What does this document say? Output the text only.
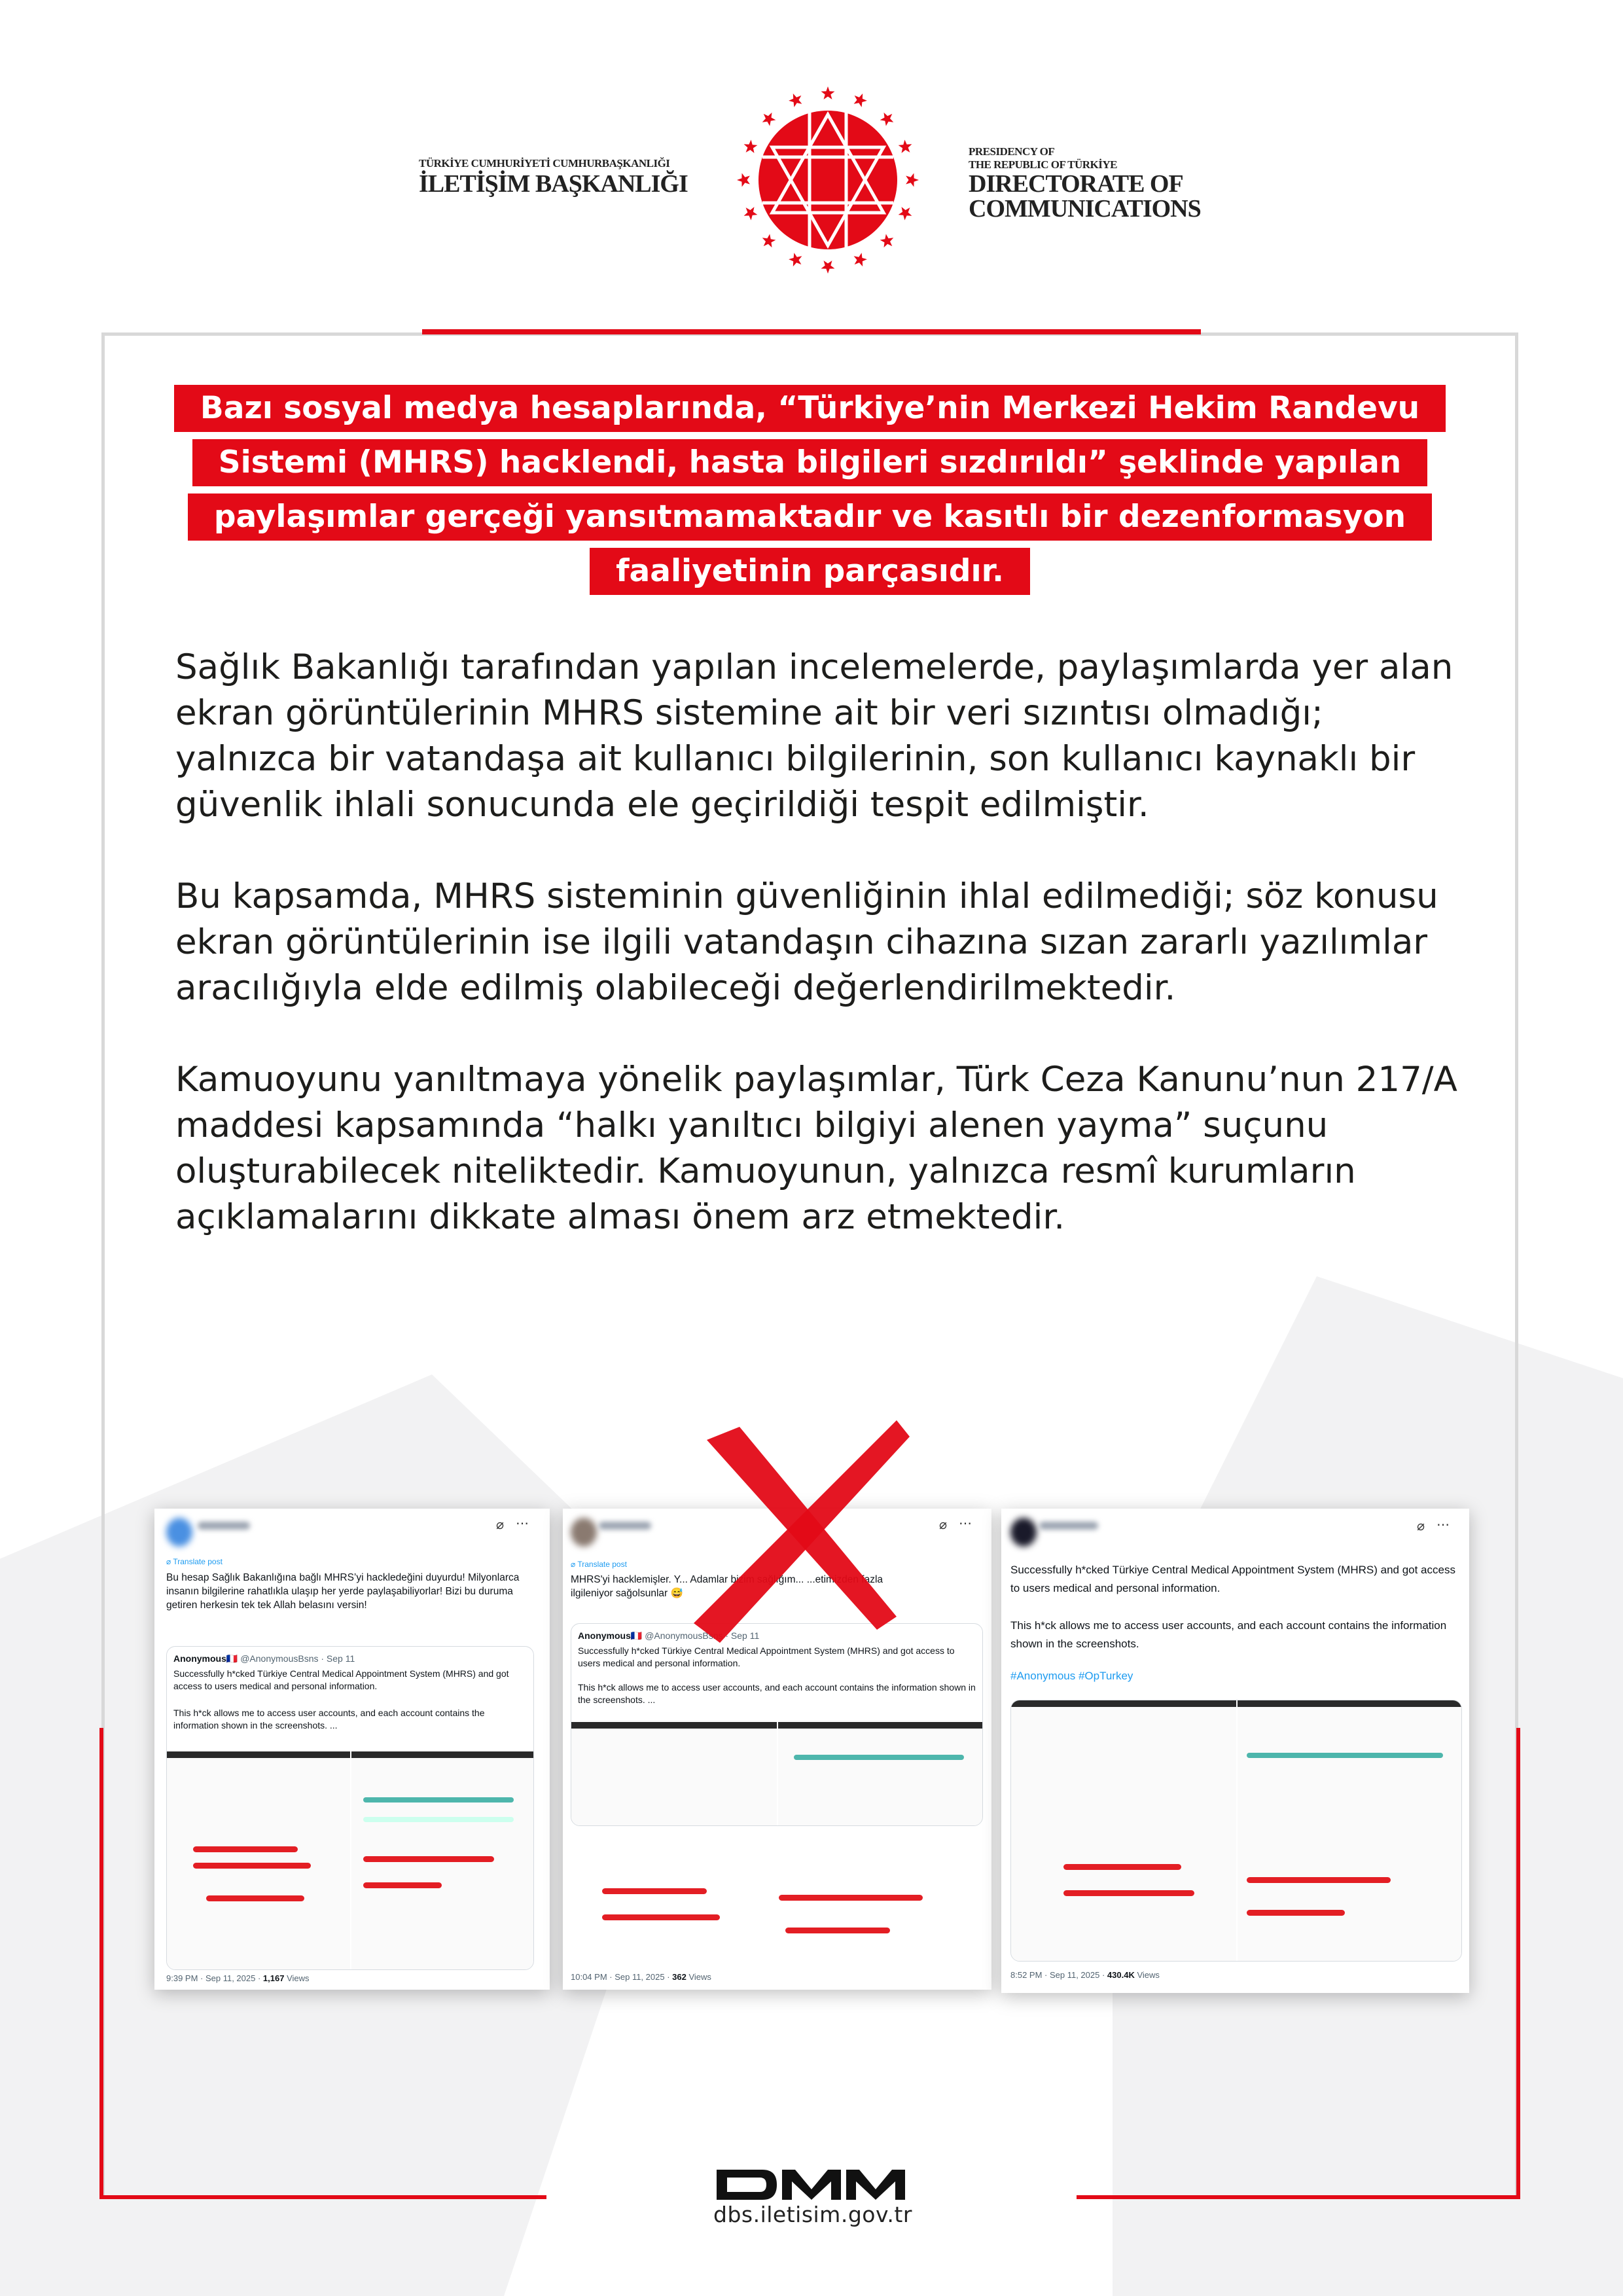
TÜRKİYE CUMHURİYETİ CUMHURBAŞKANLIĞI
İLETİŞİM BAŞKANLIĞI
PRESIDENCY OF
THE REPUBLIC OF TÜRKİYE
DIRECTORATE OF
COMMUNICATIONS
Bazı sosyal medya hesaplarında, “Türkiye’nin Merkezi Hekim Randevu
Sistemi (MHRS) hacklendi, hasta bilgileri sızdırıldı” şeklinde yapılan
paylaşımlar gerçeği yansıtmamaktadır ve kasıtlı bir dezenformasyon
faaliyetinin parçasıdır.

Sağlık Bakanlığı tarafından yapılan incelemelerde, paylaşımlarda yer alan ekran görüntülerinin MHRS sistemine ait bir veri sızıntısı olmadığı; yalnızca bir vatandaşa ait kullanıcı bilgilerinin, son kullanıcı kaynaklı bir güvenlik ihlali sonucunda ele geçirildiği tespit edilmiştir.

Bu kapsamda, MHRS sisteminin güvenliğinin ihlal edilmediği; söz konusu ekran görüntülerinin ise ilgili vatandaşın cihazına sızan zararlı yazılımlar aracılığıyla elde edilmiş olabileceği değerlendirilmektedir.

Kamuoyunu yanıltmaya yönelik paylaşımlar, Türk Ceza Kanunu’nun 217/A maddesi kapsamında “halkı yanıltıcı bilgiyi alenen yayma” suçunu oluşturabilecek niteliktedir. Kamuoyunun, yalnızca resmî kurumların açıklamalarını dikkate alması önem arz etmektedir.

⌀ ⋯
⌀ Translate post
Bu hesap Sağlık Bakanlığına bağlı MHRS’yi hackledeğini duyurdu! Milyonlarca insanın bilgilerine rahatlıkla ulaşıp her yerde paylaşabiliyorlar! Bizi bu duruma getiren herkesin tek tek Allah belasını versin!
Anonymous🇫🇷 @AnonymousBsns · Sep 11
Successfully h*cked Türkiye Central Medical Appointment System (MHRS) and got access to users medical and personal information.
This h*ck allows me to access user accounts, and each account contains the information shown in the screenshots. ...
9:39 PM · Sep 11, 2025 · 1,167 Views
⌀ ⋯
⌀ Translate post
MHRS'yi hacklemişler. Y... Adamlar bizim sağlığım... ...etimizden fazla ilgileniyor sağolsunlar 😅
Anonymous🇫🇷 @AnonymousBsns · Sep 11
Successfully h*cked Türkiye Central Medical Appointment System (MHRS) and got access to users medical and personal information.
This h*ck allows me to access user accounts, and each account contains the information shown in the screenshots. ...
10:04 PM · Sep 11, 2025 · 362 Views
⌀ ⋯
Successfully h*cked Türkiye Central Medical Appointment System (MHRS) and got access to users medical and personal information.
This h*ck allows me to access user accounts, and each account contains the information shown in the screenshots.
#Anonymous #OpTurkey
8:52 PM · Sep 11, 2025 · 430.4K Views
dbs.iletisim.gov.tr
